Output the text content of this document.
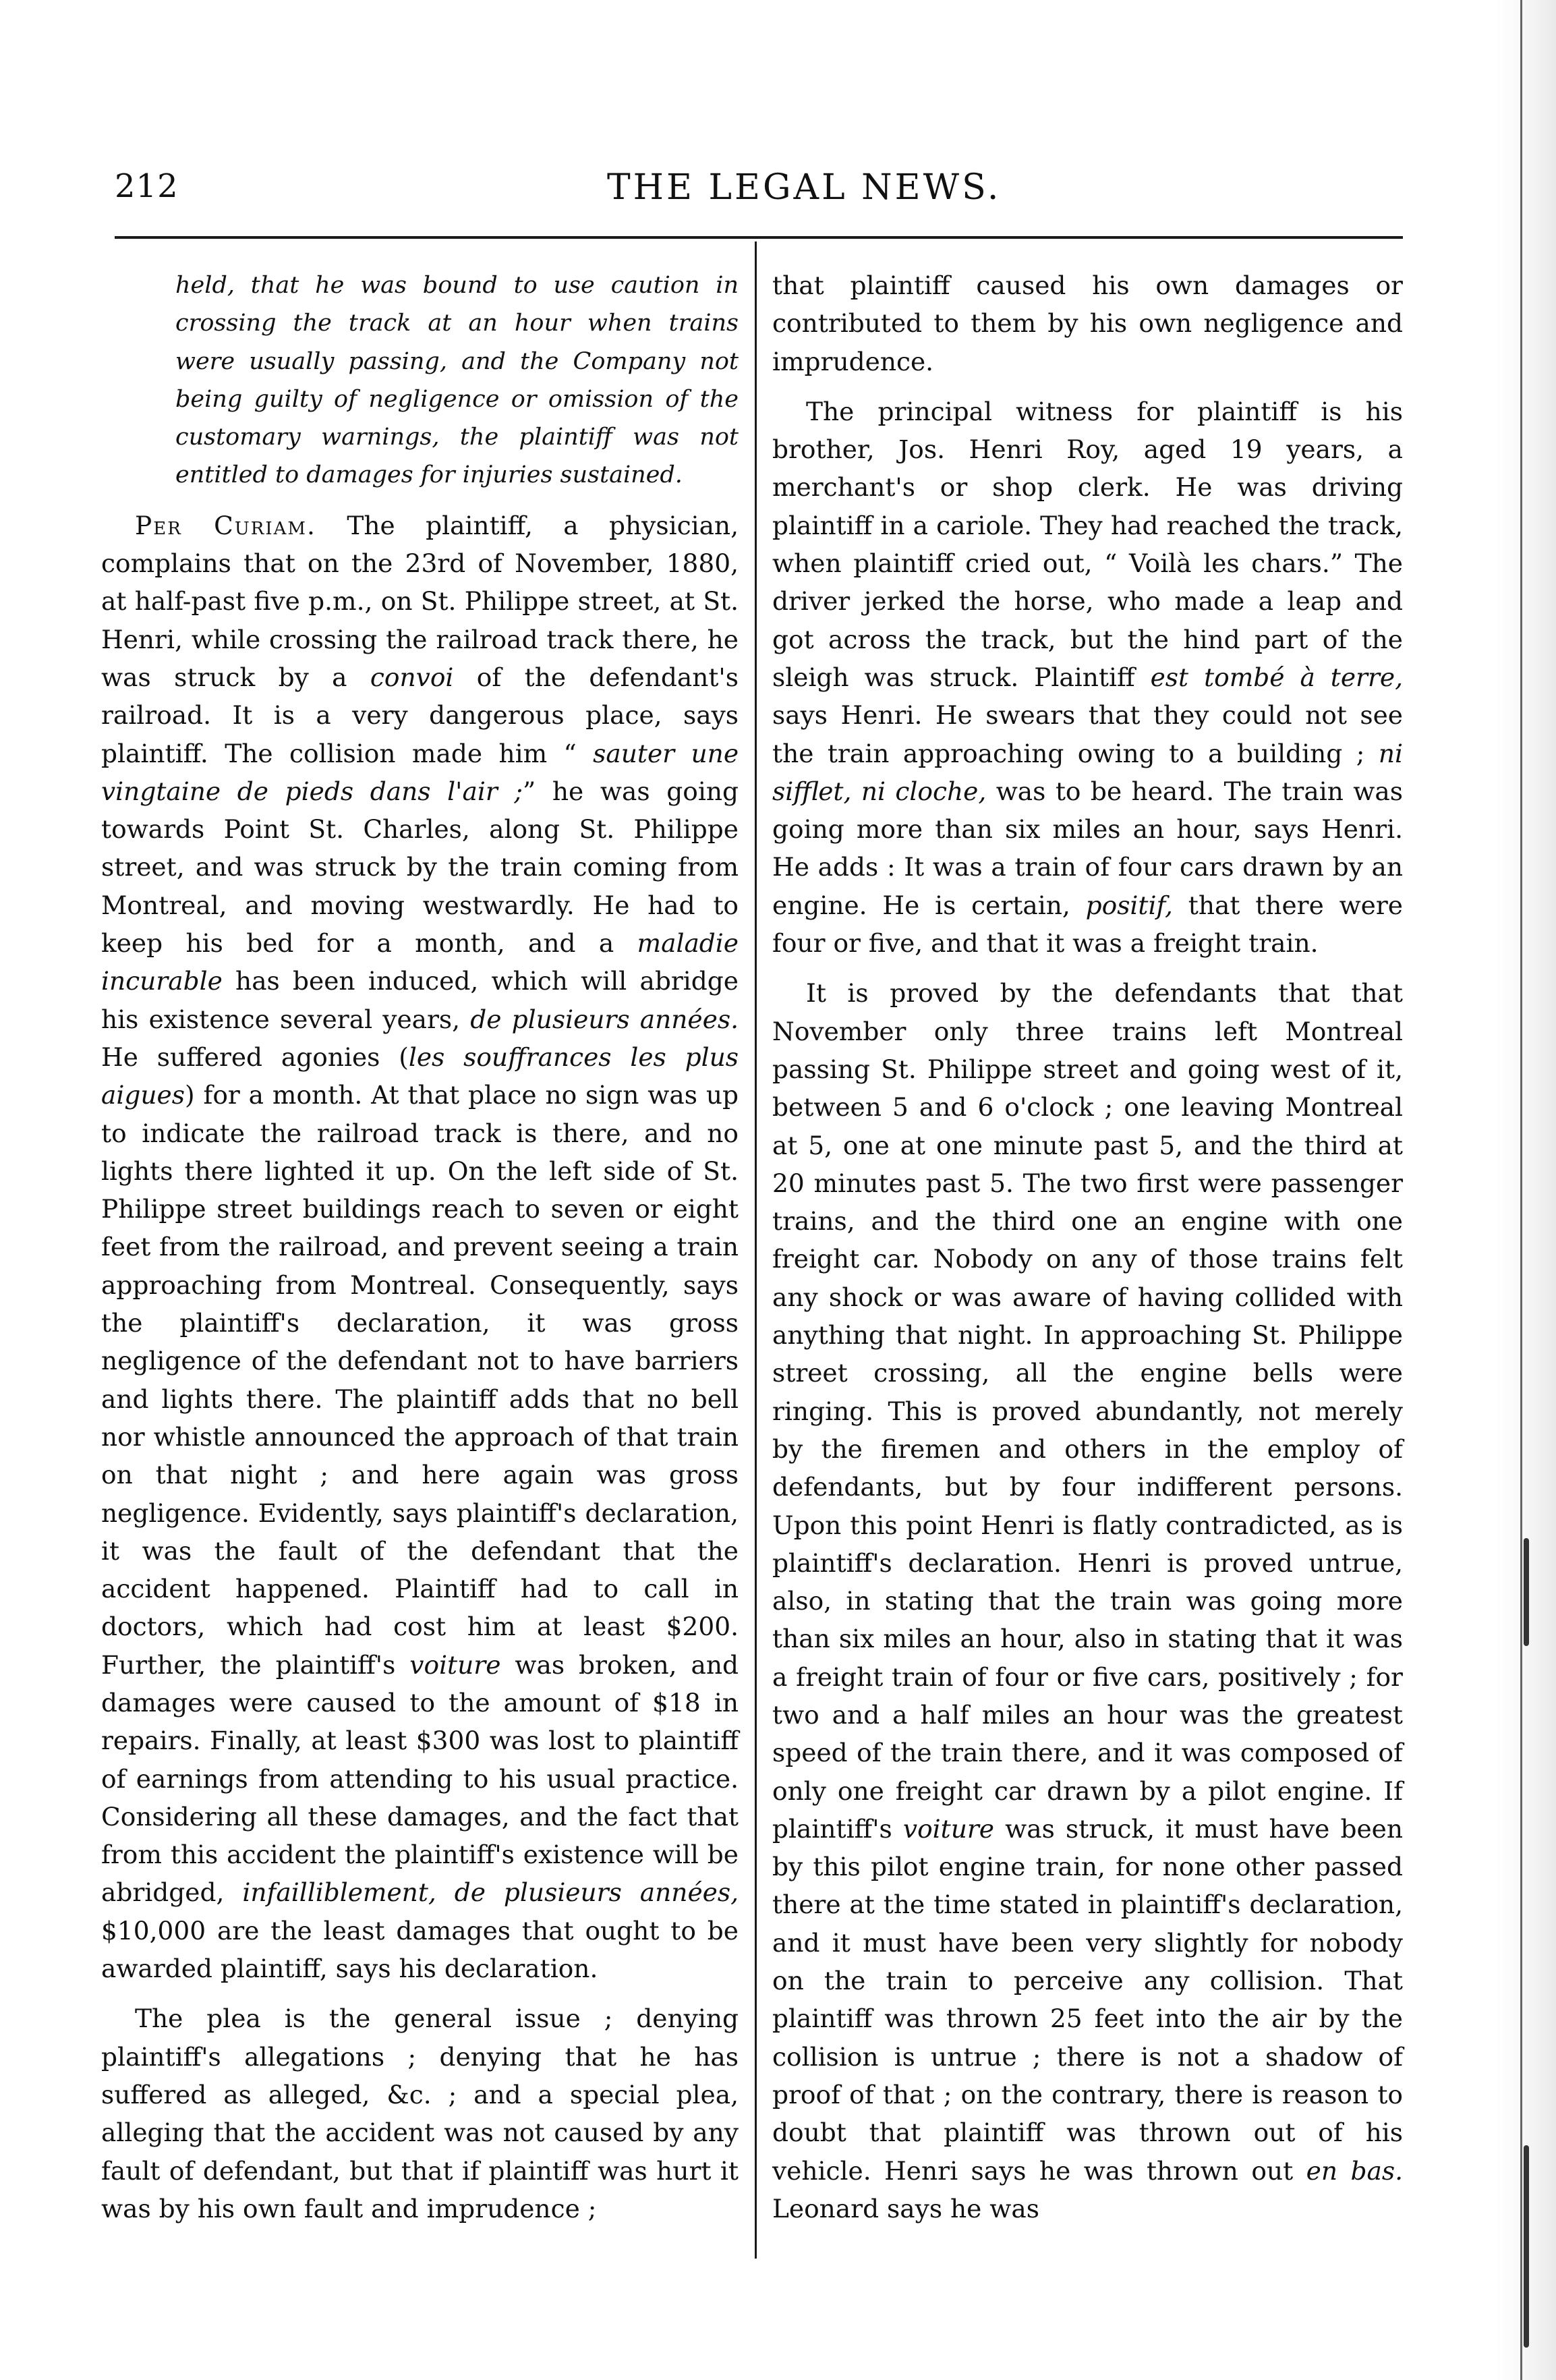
212	THE LEGAL NEWS.

held, that he was bound to use caution in crossing the track at an hour when trains were usually passing, and the Company not being guilty of negligence or omission of the customary warnings, the plaintiff was not entitled to damages for injuries sustained.

Per Curiam. The plaintiff, a physician, complains that on the 23rd of November, 1880, at half-past five p.m., on St. Philippe street, at St. Henri, while crossing the railroad track there, he was struck by a convoi of the defendant's railroad. It is a very dangerous place, says plaintiff. The collision made him “ sauter une vingtaine de pieds dans l'air ;” he was going towards Point St. Charles, along St. Philippe street, and was struck by the train coming from Montreal, and moving westwardly. He had to keep his bed for a month, and a maladie incurable has been induced, which will abridge his existence several years, de plusieurs années. He suffered agonies (les souffrances les plus aigues) for a month. At that place no sign was up to indicate the railroad track is there, and no lights there lighted it up. On the left side of St. Philippe street buildings reach to seven or eight feet from the railroad, and prevent seeing a train approaching from Montreal. Consequently, says the plaintiff's declaration, it was gross negligence of the defendant not to have barriers and lights there. The plaintiff adds that no bell nor whistle announced the approach of that train on that night ; and here again was gross negligence. Evidently, says plaintiff's declaration, it was the fault of the defendant that the accident happened. Plaintiff had to call in doctors, which had cost him at least $200. Further, the plaintiff's voiture was broken, and damages were caused to the amount of $18 in repairs. Finally, at least $300 was lost to plaintiff of earnings from attending to his usual practice. Considering all these damages, and the fact that from this accident the plaintiff's existence will be abridged, infailliblement, de plusieurs années, $10,000 are the least damages that ought to be awarded plaintiff, says his declaration.

The plea is the general issue ; denying plaintiff's allegations ; denying that he has suffered as alleged, &c. ; and a special plea, alleging that the accident was not caused by any fault of defendant, but that if plaintiff was hurt it was by his own fault and imprudence ;

that plaintiff caused his own damages or contributed to them by his own negligence and imprudence.

The principal witness for plaintiff is his brother, Jos. Henri Roy, aged 19 years, a merchant's or shop clerk. He was driving plaintiff in a cariole. They had reached the track, when plaintiff cried out, “ Voilà les chars.” The driver jerked the horse, who made a leap and got across the track, but the hind part of the sleigh was struck. Plaintiff est tombé à terre, says Henri. He swears that they could not see the train approaching owing to a building ; ni sifflet, ni cloche, was to be heard. The train was going more than six miles an hour, says Henri. He adds : It was a train of four cars drawn by an engine. He is certain, positif, that there were four or five, and that it was a freight train.

It is proved by the defendants that that November only three trains left Montreal passing St. Philippe street and going west of it, between 5 and 6 o'clock ; one leaving Montreal at 5, one at one minute past 5, and the third at 20 minutes past 5. The two first were passenger trains, and the third one an engine with one freight car. Nobody on any of those trains felt any shock or was aware of having collided with anything that night. In approaching St. Philippe street crossing, all the engine bells were ringing. This is proved abundantly, not merely by the firemen and others in the employ of defendants, but by four indifferent persons. Upon this point Henri is flatly contradicted, as is plaintiff's declaration. Henri is proved untrue, also, in stating that the train was going more than six miles an hour, also in stating that it was a freight train of four or five cars, positively ; for two and a half miles an hour was the greatest speed of the train there, and it was composed of only one freight car drawn by a pilot engine. If plaintiff's voiture was struck, it must have been by this pilot engine train, for none other passed there at the time stated in plaintiff's declaration, and it must have been very slightly for nobody on the train to perceive any collision. That plaintiff was thrown 25 feet into the air by the collision is untrue ; there is not a shadow of proof of that ; on the contrary, there is reason to doubt that plaintiff was thrown out of his vehicle. Henri says he was thrown out en bas. Leonard says he was
